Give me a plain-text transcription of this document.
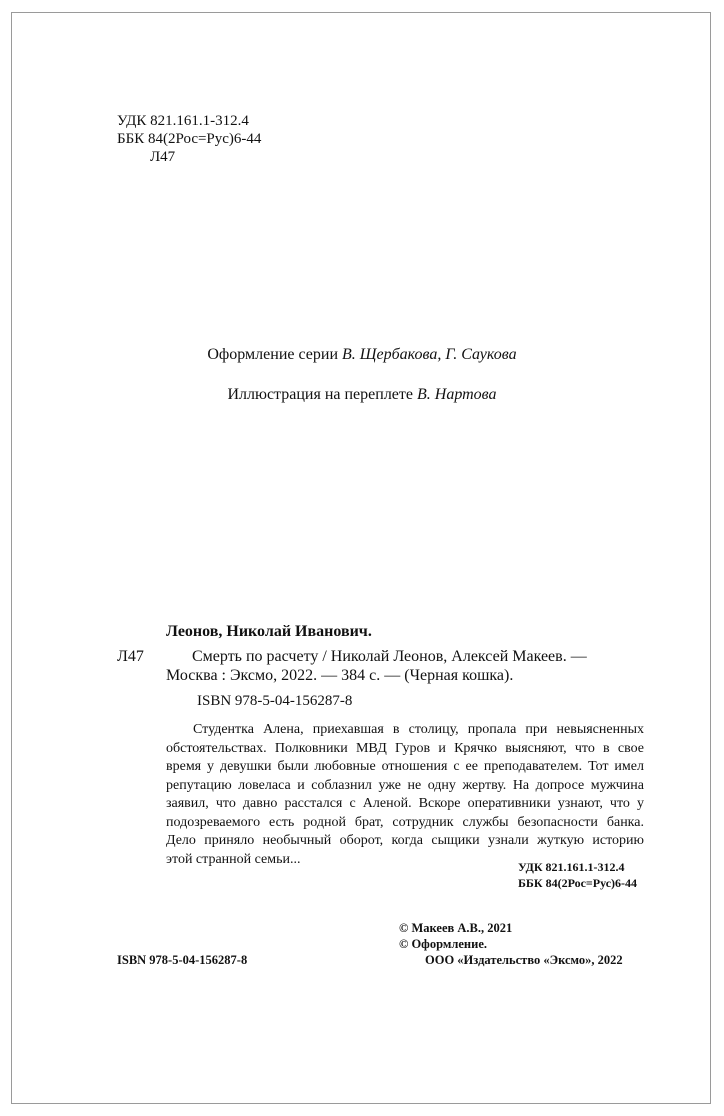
УДК 821.161.1-312.4
ББК 84(2Рос=Рус)6-44
Л47
Оформление серии В. Щербакова, Г. Саукова
Иллюстрация на переплете В. Нартова
Леонов, Николай Иванович.
Л47	Смерть по расчету / Николай Леонов, Алексей Макеев. —
Москва : Эксмо, 2022. — 384 с. — (Черная кошка).
ISBN 978-5-04-156287-8
Студентка Алена, приехавшая в столицу, пропала при невыясненных
обстоятельствах. Полковники МВД Гуров и Крячко выясняют, что в свое
время у девушки были любовные отношения с ее преподавателем. Тот имел
репутацию ловеласа и соблазнил уже не одну жертву. На допросе мужчина
заявил, что давно расстался с Аленой. Вскоре оперативники узнают, что у
подозреваемого есть родной брат, сотрудник службы безопасности банка.
Дело приняло необычный оборот, когда сыщики узнали жуткую историю
этой странной семьи...
УДК 821.161.1-312.4
ББК 84(2Рос=Рус)6-44
© Макеев А.В., 2021
© Оформление.
ООО «Издательство «Эксмо», 2022
ISBN 978-5-04-156287-8
